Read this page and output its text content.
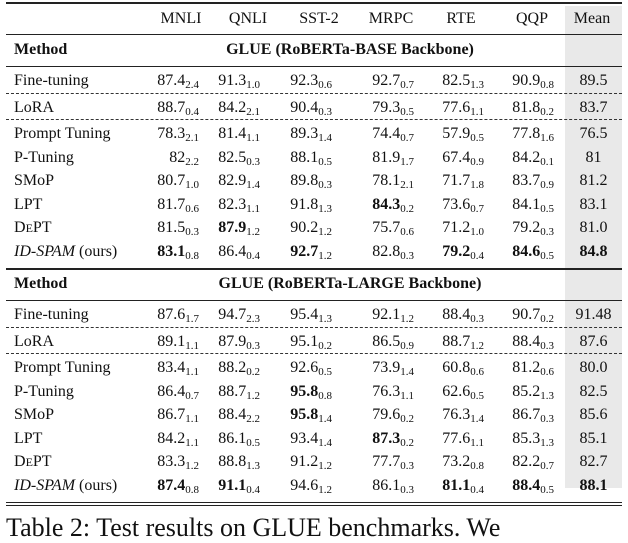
Table 2: Test results on GLUE benchmarks. We
MNLI	QNLI	SST-2	MRPC	RTE	QQP	Mean
Method	GLUE (RoBERTa-BASE Backbone)
Fine-tuning	$87.4_{2.4}$	$91.3_{1.0}$	$92.3_{0.6}$	$92.7_{0.7}$	$82.5_{1.3}$	$90.9_{0.8}$	89.5
LoRA	$88.7_{0.4}$	$84.2_{2.1}$	$90.4_{0.3}$	$79.3_{0.5}$	$77.6_{1.1}$	$81.8_{0.2}$	83.7
Prompt Tuning	$78.3_{2.1}$	$81.4_{1.1}$	$89.3_{1.4}$	$74.4_{0.7}$	$57.9_{0.5}$	$77.8_{1.6}$	76.5
P-Tuning	$82_{2.2}$	$82.5_{0.3}$	$88.1_{0.5}$	$81.9_{1.7}$	$67.4_{0.9}$	$84.2_{0.1}$	81
SMoP	$80.7_{1.0}$	$82.9_{1.4}$	$89.8_{0.3}$	$78.1_{2.1}$	$71.7_{1.8}$	$83.7_{0.9}$	81.2
LPT	$81.7_{0.6}$	$82.3_{1.1}$	$91.8_{1.3}$	$84.3_{0.2}$	$73.6_{0.7}$	$84.1_{0.5}$	83.1
DEPT	$81.5_{0.3}$	$87.9_{1.2}$	$90.2_{1.2}$	$75.7_{0.6}$	$71.2_{1.0}$	$79.2_{0.3}$	81.0
ID-SPAM (ours)	$83.1_{0.8}$	$86.4_{0.4}$	$92.7_{1.2}$	$82.8_{0.3}$	$79.2_{0.4}$	$84.6_{0.5}$	84.8
Method	GLUE (RoBERTa-LARGE Backbone)
Fine-tuning	$87.6_{1.7}$	$94.7_{2.3}$	$95.4_{1.3}$	$92.1_{1.2}$	$88.4_{0.3}$	$90.7_{0.2}$	91.48
LoRA	$89.1_{1.1}$	$87.9_{0.3}$	$95.1_{0.2}$	$86.5_{0.9}$	$88.7_{1.2}$	$88.4_{0.3}$	87.6
Prompt Tuning	$83.4_{1.1}$	$88.2_{0.2}$	$92.6_{0.5}$	$73.9_{1.4}$	$60.8_{0.6}$	$81.2_{0.6}$	80.0
P-Tuning	$86.4_{0.7}$	$88.7_{1.2}$	$95.8_{0.8}$	$76.3_{1.1}$	$62.6_{0.5}$	$85.2_{1.3}$	82.5
SMoP	$86.7_{1.1}$	$88.4_{2.2}$	$95.8_{1.4}$	$79.6_{0.2}$	$76.3_{1.4}$	$86.7_{0.3}$	85.6
LPT	$84.2_{1.1}$	$86.1_{0.5}$	$93.4_{1.4}$	$87.3_{0.2}$	$77.6_{1.1}$	$85.3_{1.3}$	85.1
DEPT	$83.3_{1.2}$	$88.8_{1.3}$	$91.2_{1.2}$	$77.7_{0.3}$	$73.2_{0.8}$	$82.2_{0.7}$	82.7
ID-SPAM (ours)	$87.4_{0.8}$	$91.1_{0.4}$	$94.6_{1.2}$	$86.1_{0.3}$	$81.1_{0.4}$	$88.4_{0.5}$	88.1
